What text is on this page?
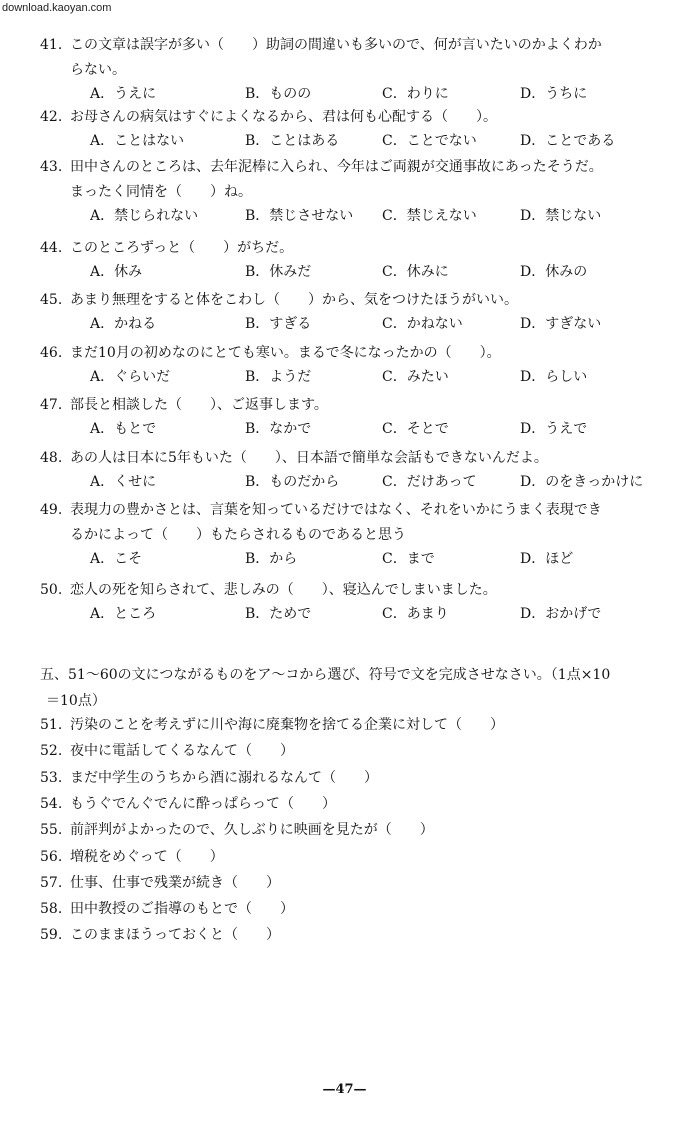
download.kaoyan.com
41. この文章は誤字が多い（　　）助詞の間違いも多いので、何が言いたいのかよくわか
らない。
A．うえに	B．ものの	C．わりに	D．うちに
42. お母さんの病気はすぐによくなるから、君は何も心配する（　　）。
A．ことはない	B．ことはある	C．ことでない	D．ことである
43. 田中さんのところは、去年泥棒に入られ、今年はご両親が交通事故にあったそうだ。
まったく同情を（　　）ね。
A．禁じられない	B．禁じさせない C．禁じえない	D．禁じない
44. このところずっと（　　）がちだ。
A．休み	B．休みだ	C．休みに	D．休みの
45. あまり無理をすると体をこわし（　　）から、気をつけたほうがいい。
A．かねる	B．すぎる	C．かねない	D．すぎない
46. まだ10月の初めなのにとても寒い。まるで冬になったかの（　　）。
A．ぐらいだ	B．ようだ	C．みたい	D．らしい
47. 部長と相談した（　　）、ご返事します。
A．もとで	B．なかで	C．そとで	D．うえで
48. あの人は日本に5年もいた（　　）、日本語で簡単な会話もできないんだよ。
A．くせに	B．ものだから	C．だけあって	D．のをきっかけに
49. 表現力の豊かさとは、言葉を知っているだけではなく、それをいかにうまく表現でき
るかによって（　　）もたらされるものであると思う
A．こそ	B．から	C．まで	D．ほど
50. 恋人の死を知らされて、悲しみの（　　）、寝込んでしまいました。
A．ところ	B．ためで	C．あまり	D．おかげで
51. 汚染のことを考えずに川や海に廃棄物を捨てる企業に対して（　　）
52. 夜中に電話してくるなんて（　　）
53. まだ中学生のうちから酒に溺れるなんて（　　）
54. もうぐでんぐでんに酔っぱらって（　　）
55. 前評判がよかったので、久しぶりに映画を見たが（　　）
56. 増税をめぐって（　　）
57. 仕事、仕事で残業が続き（　　）
58. 田中教授のご指導のもとで（　　）
59. このままほうっておくと（　　）
五、51～60の文につながるものをア～コから選び、符号で文を完成させなさい。（1点×10
＝10点）
—47—
